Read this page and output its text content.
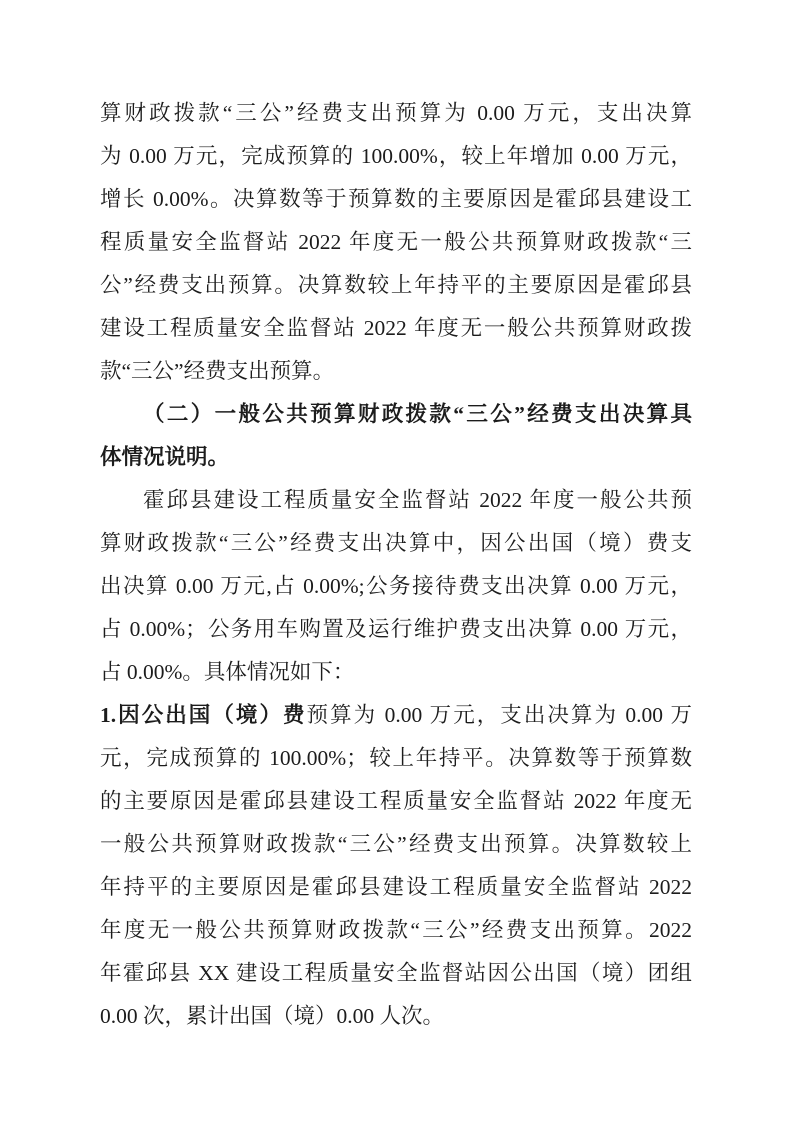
算财政拨款“三公”经费支出预算为 0.00 万元，支出决算
为 0.00 万元，完成预算的 100.00%，较上年增加 0.00 万元，
增长 0.00%。决算数等于预算数的主要原因是霍邱县建设工
程质量安全监督站 2022 年度无一般公共预算财政拨款“三
公”经费支出预算。决算数较上年持平的主要原因是霍邱县
建设工程质量安全监督站 2022 年度无一般公共预算财政拨
款“三公”经费支出预算。
（二）一般公共预算财政拨款“三公”经费支出决算具
体情况说明。
霍邱县建设工程质量安全监督站 2022 年度一般公共预
算财政拨款“三公”经费支出决算中，因公出国（境）费支
出决算 0.00 万元,占 0.00%;公务接待费支出决算 0.00 万元，
占 0.00%；公务用车购置及运行维护费支出决算 0.00 万元，
占 0.00%。具体情况如下：
1.因公出国（境）费预算为 0.00 万元，支出决算为 0.00 万
元，完成预算的 100.00%；较上年持平。决算数等于预算数
的主要原因是霍邱县建设工程质量安全监督站 2022 年度无
一般公共预算财政拨款“三公”经费支出预算。决算数较上
年持平的主要原因是霍邱县建设工程质量安全监督站 2022
年度无一般公共预算财政拨款“三公”经费支出预算。2022
年霍邱县 XX 建设工程质量安全监督站因公出国（境）团组
0.00 次，累计出国（境）0.00 人次。
